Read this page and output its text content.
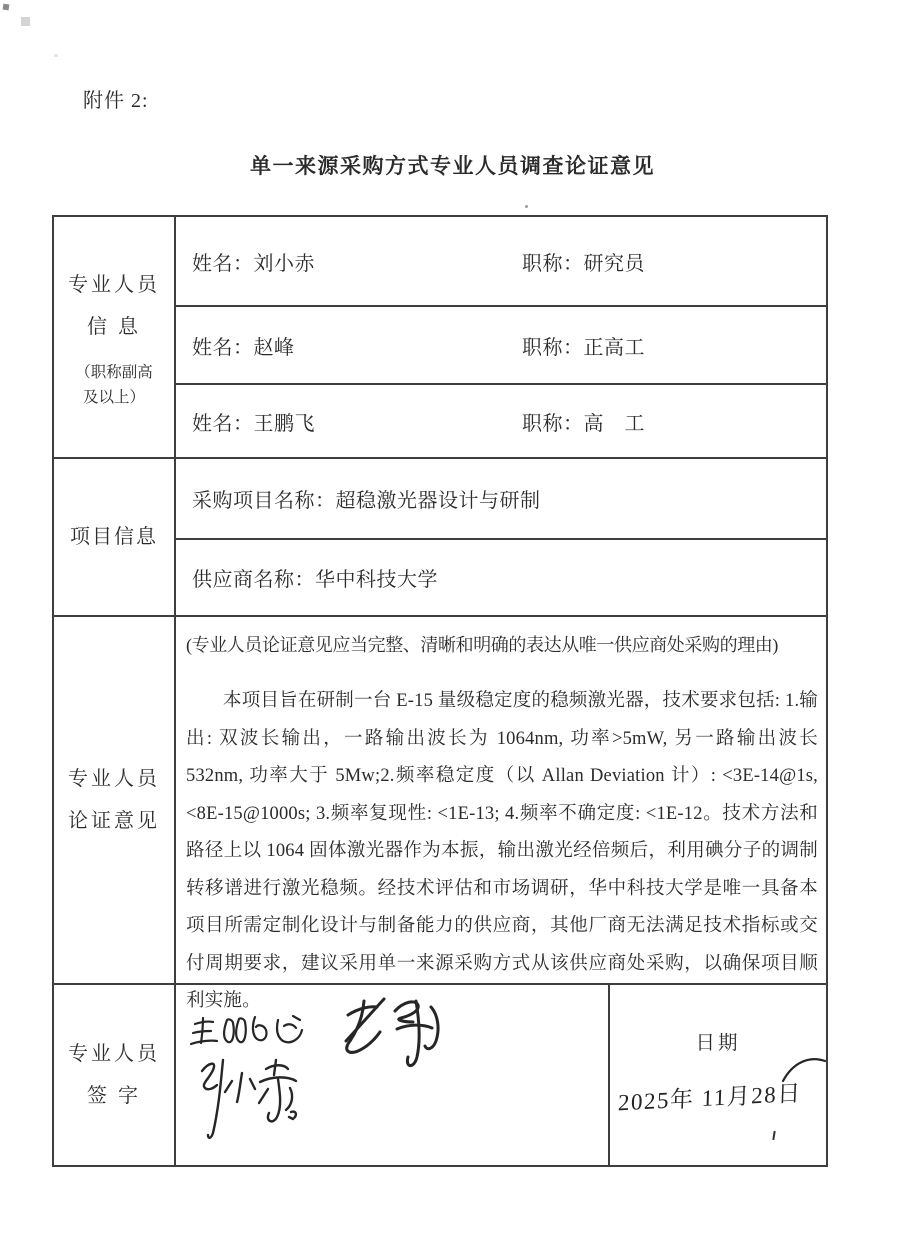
附件 2:
单一来源采购方式专业人员调查论证意见
专业人员
信 息
（职称副高
及以上）
姓名：刘小赤	职称：研究员
姓名：赵峰	职称：正高工
姓名：王鹏飞	职称：高　工
项目信息
采购项目名称：超稳激光器设计与研制
供应商名称：华中科技大学
专业人员
论证意见
(专业人员论证意见应当完整、清晰和明确的表达从唯一供应商处采购的理由)

本项目旨在研制一台 E-15 量级稳定度的稳频激光器，技术要求包括: 1.输出: 双波长输出，一路输出波长为 1064nm, 功率>5mW, 另一路输出波长 532nm, 功率大于 5Mw;2.频率稳定度（以 Allan Deviation 计）: <3E-14@1s, <8E-15@1000s; 3.频率复现性: <1E-13; 4.频率不确定度: <1E-12。技术方法和路径上以 1064 固体激光器作为本振，输出激光经倍频后，利用碘分子的调制转移谱进行激光稳频。经技术评估和市场调研，华中科技大学是唯一具备本项目所需定制化设计与制备能力的供应商，其他厂商无法满足技术指标或交付周期要求，建议采用单一来源采购方式从该供应商处采购，以确保项目顺利实施。

专业人员
签 字
日期
2025年 11月28日
